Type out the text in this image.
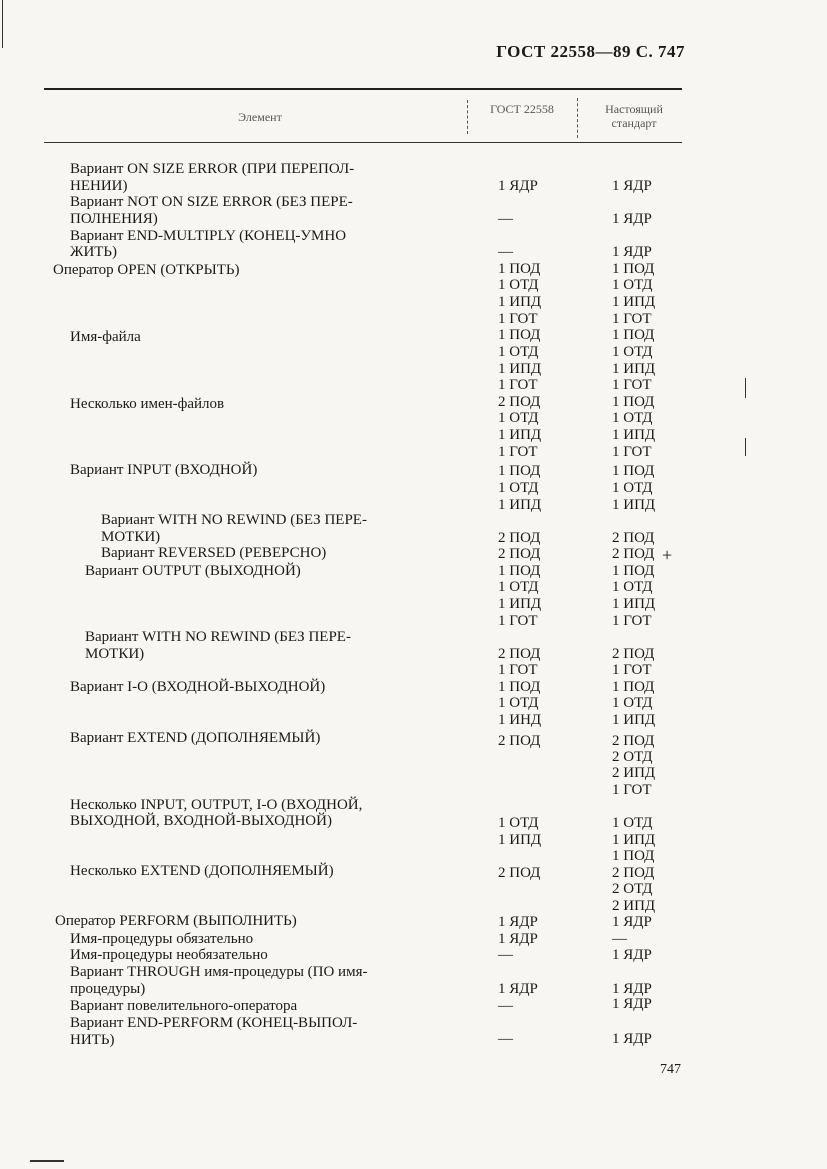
ГОСТ 22558—89 С. 747
Элемент
ГОСТ 22558	Настоящий стандарт
Вариант ON SIZE ERROR (ПРИ ПЕРЕПОЛ-
НЕНИИ)
Вариант NOT ON SIZE ERROR (БЕЗ ПЕРЕ-
ПОЛНЕНИЯ)
Вариант END-MULTIPLY (КОНЕЦ-УМНО
ЖИТЬ)
Оператор OPEN (ОТКРЫТЬ)
Имя-файла
Несколько имен-файлов
Вариант INPUT (ВХОДНОЙ)
Вариант WITH NO REWIND (БЕЗ ПЕРЕ-
МОТКИ)
Вариант REVERSED (РЕВЕРСНО)
Вариант OUTPUT (ВЫХОДНОЙ)
Вариант WITH NO REWIND (БЕЗ ПЕРЕ-
МОТКИ)
Вариант I-O (ВХОДНОЙ-ВЫХОДНОЙ)
Вариант EXTEND (ДОПОЛНЯЕМЫЙ)
Несколько INPUT, OUTPUT, I-O (ВХОДНОЙ,
ВЫХОДНОЙ, ВХОДНОЙ-ВЫХОДНОЙ)
Несколько EXTEND (ДОПОЛНЯЕМЫЙ)
Оператор PERFORM (ВЫПОЛНИТЬ)
Имя-процедуры обязательно
Имя-процедуры необязательно
Вариант THROUGH имя-процедуры (ПО имя-
процедуры)
Вариант повелительного-оператора
Вариант END-PERFORM (КОНЕЦ-ВЫПОЛ-
НИТЬ)
1 ЯДР
—
—
1 ПОД
1 ОТД
1 ИПД
1 ГОТ
1 ПОД
1 ОТД
1 ИПД
1 ГОТ
2 ПОД
1 ОТД
1 ИПД
1 ГОТ
1 ПОД
1 ОТД
1 ИПД
2 ПОД
2 ПОД
1 ПОД
1 ОТД
1 ИПД
1 ГОТ
2 ПОД
1 ГОТ
1 ПОД
1 ОТД
1 ИНД
2 ПОД
1 ОТД
1 ИПД
2 ПОД
1 ЯДР
1 ЯДР
—
1 ЯДР
—
—
1 ЯДР
1 ЯДР
1 ЯДР
1 ПОД
1 ОТД
1 ИПД
1 ГОТ
1 ПОД
1 ОТД
1 ИПД
1 ГОТ
1 ПОД
1 ОТД
1 ИПД
1 ГОТ
1 ПОД
1 ОТД
1 ИПД
2 ПОД
2 ПОД
1 ПОД
1 ОТД
1 ИПД
1 ГОТ
2 ПОД
1 ГОТ
1 ПОД
1 ОТД
1 ИПД
2 ПОД
2 ОТД
2 ИПД
1 ГОТ
1 ОТД
1 ИПД
1 ПОД
2 ПОД
2 ОТД
2 ИПД
1 ЯДР
—
1 ЯДР
1 ЯДР
1 ЯДР
1 ЯДР
+
747
